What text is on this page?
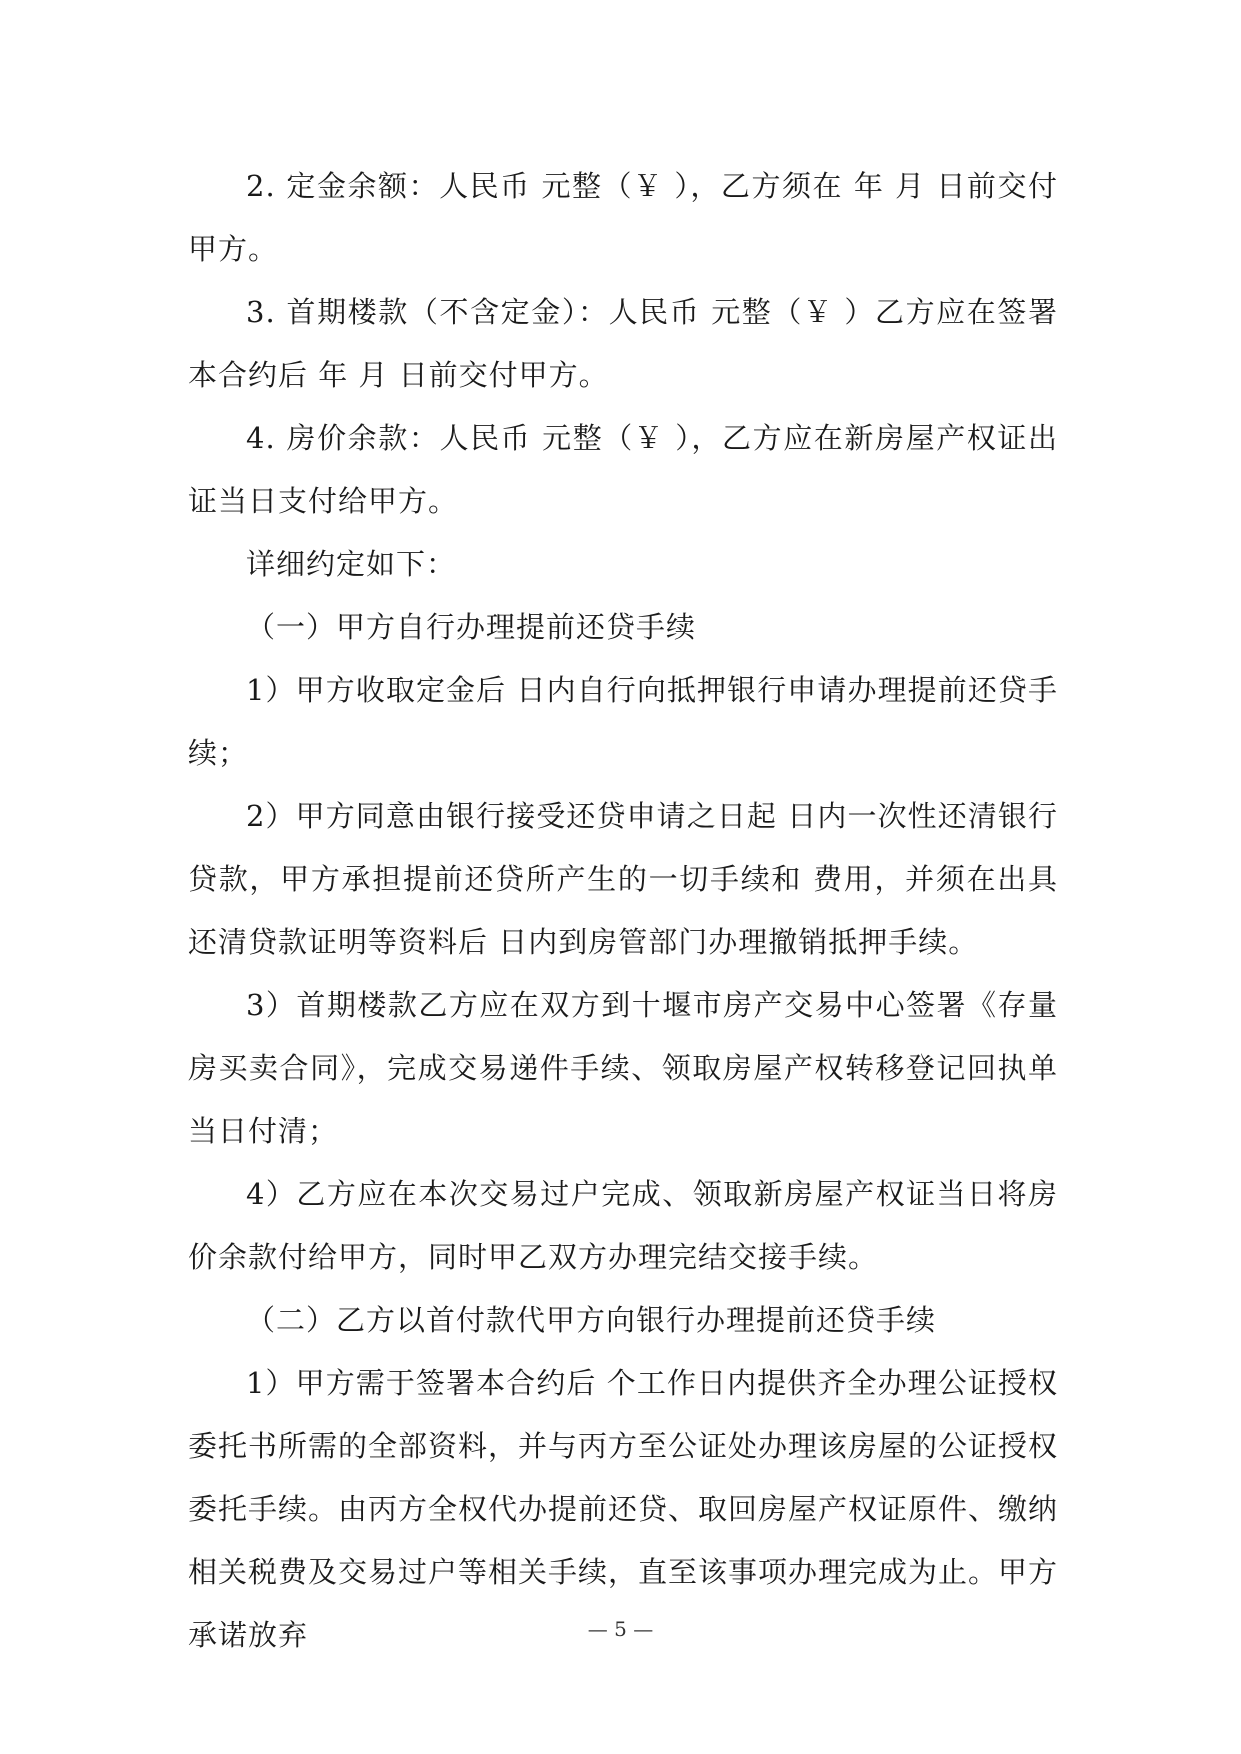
2. 定金余额：人民币 元整（￥ ），乙方须在 年 月 日前交付甲方。

3. 首期楼款（不含定金）：人民币 元整（￥ ）乙方应在签署本合约后 年 月 日前交付甲方。

4. 房价余款：人民币 元整（￥ ），乙方应在新房屋产权证出证当日支付给甲方。

详细约定如下：

（一）甲方自行办理提前还贷手续

1）甲方收取定金后 日内自行向抵押银行申请办理提前还贷手续；

2）甲方同意由银行接受还贷申请之日起 日内一次性还清银行贷款，甲方承担提前还贷所产生的一切手续和 费用，并须在出具还清贷款证明等资料后 日内到房管部门办理撤销抵押手续。

3）首期楼款乙方应在双方到十堰市房产交易中心签署《存量房买卖合同》，完成交易递件手续、领取房屋产权转移登记回执单当日付清；

4）乙方应在本次交易过户完成、领取新房屋产权证当日将房价余款付给甲方，同时甲乙双方办理完结交接手续。

（二）乙方以首付款代甲方向银行办理提前还贷手续

1）甲方需于签署本合约后 个工作日内提供齐全办理公证授权委托书所需的全部资料，并与丙方至公证处办理该房屋的公证授权委托手续。由丙方全权代办提前还贷、取回房屋产权证原件、缴纳相关税费及交易过户等相关手续，直至该事项办理完成为止。甲方承诺放弃	— 5 —
